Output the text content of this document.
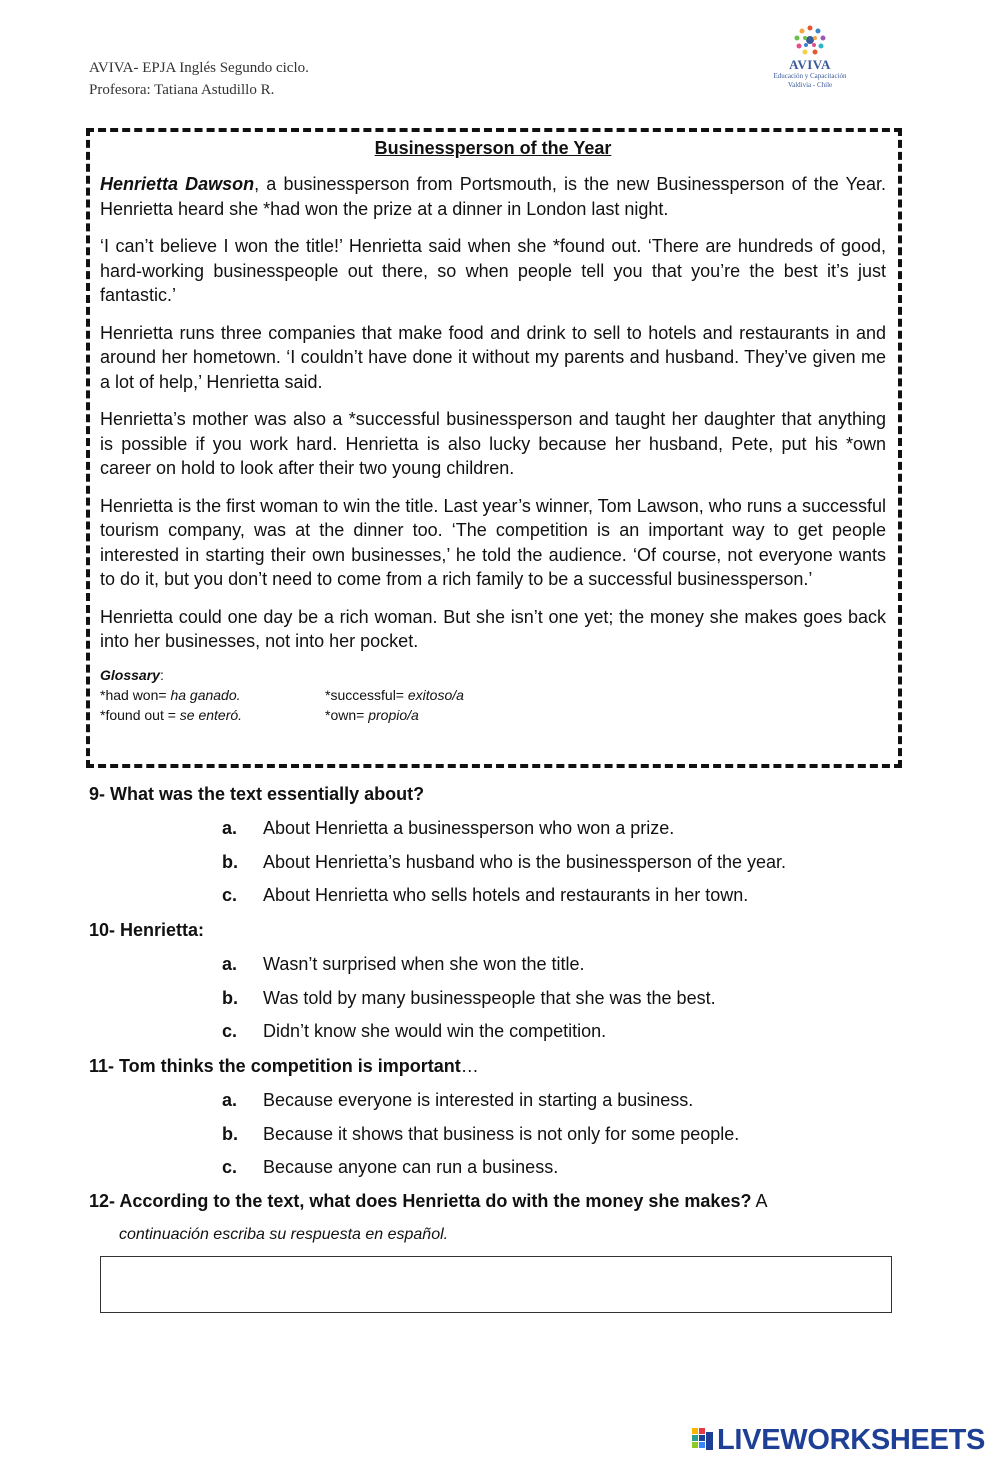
AVIVA- EPJA Inglés Segundo ciclo.
Profesora: Tatiana Astudillo R.
AVIVA
Educación y Capacitación
Valdivia - Chile
Businessperson of the Year

Henrietta Dawson, a businessperson from Portsmouth, is the new Businessperson of the Year. Henrietta heard she *had won the prize at a dinner in London last night.

‘I can’t believe I won the title!’ Henrietta said when she *found out. ‘There are hundreds of good, hard-working businesspeople out there, so when people tell you that you’re the best it’s just fantastic.’

Henrietta runs three companies that make food and drink to sell to hotels and restaurants in and around her hometown. ‘I couldn’t have done it without my parents and husband. They’ve given me a lot of help,’ Henrietta said.

Henrietta’s mother was also a *successful businessperson and taught her daughter that anything is possible if you work hard. Henrietta is also lucky because her husband, Pete, put his *own career on hold to look after their two young children.

Henrietta is the first woman to win the title. Last year’s winner, Tom Lawson, who runs a successful tourism company, was at the dinner too. ‘The competition is an important way to get people interested in starting their own businesses,’ he told the audience. ‘Of course, not everyone wants to do it, but you don’t need to come from a rich family to be a successful businessperson.’

Henrietta could one day be a rich woman. But she isn’t one yet; the money she makes goes back into her businesses, not into her pocket.

Glossary:
*had won= ha ganado.	*successful= exitoso/a
*found out = se enteró.	*own= propio/a

9- What was the text essentially about?

a.	About Henrietta a businessperson who won a prize.
b.	About Henrietta’s husband who is the businessperson of the year.
c.	About Henrietta who sells hotels and restaurants in her town.

10- Henrietta:

a.	Wasn’t surprised when she won the title.
b.	Was told by many businesspeople that she was the best.
c.	Didn’t know she would win the competition.

11- Tom thinks the competition is important…

a.	Because everyone is interested in starting a business.
b.	Because it shows that business is not only for some people.
c.	Because anyone can run a business.

12- According to the text, what does Henrietta do with the money she makes? A

continuación escriba su respuesta en español.
LIVEWORKSHEETS
